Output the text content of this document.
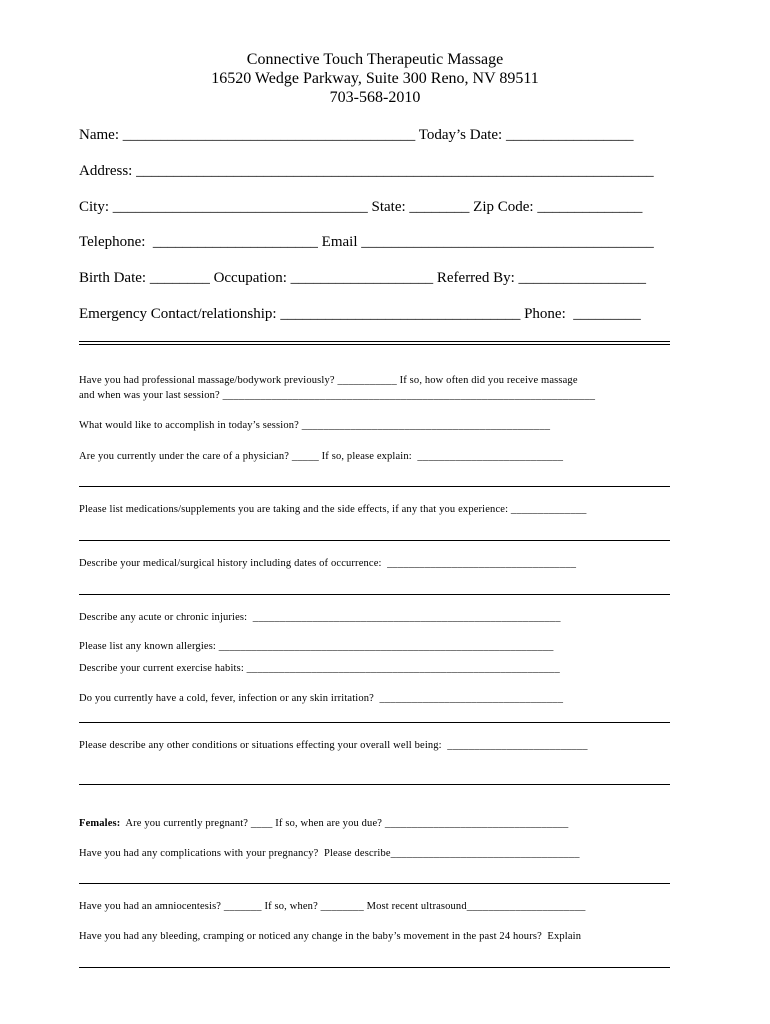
Connective Touch Therapeutic Massage
16520 Wedge Parkway, Suite 300 Reno, NV 89511
703-568-2010
Name: _______________________________________ Today’s Date: _________________
Address: _____________________________________________________________________
City: __________________________________ State: ________ Zip Code: ______________
Telephone:  ______________________ Email _______________________________________
Birth Date: ________ Occupation: ___________________ Referred By: _________________
Emergency Contact/relationship: ________________________________ Phone:  _________
Have you had professional massage/bodywork previously? ___________ If so, how often did you receive massage
and when was your last session? _____________________________________________________________________
What would like to accomplish in today’s session? ______________________________________________
Are you currently under the care of a physician? _____ If so, please explain:  ___________________________
Please list medications/supplements you are taking and the side effects, if any that you experience: ______________
Describe your medical/surgical history including dates of occurrence:  ___________________________________
Describe any acute or chronic injuries:  _________________________________________________________
Please list any known allergies: ______________________________________________________________
Describe your current exercise habits: __________________________________________________________
Do you currently have a cold, fever, infection or any skin irritation?  __________________________________
Please describe any other conditions or situations effecting your overall well being:  __________________________
Females:  Are you currently pregnant? ____ If so, when are you due? __________________________________
Have you had any complications with your pregnancy?  Please describe___________________________________
Have you had an amniocentesis? _______ If so, when? ________ Most recent ultrasound______________________
Have you had any bleeding, cramping or noticed any change in the baby’s movement in the past 24 hours?  Explain
